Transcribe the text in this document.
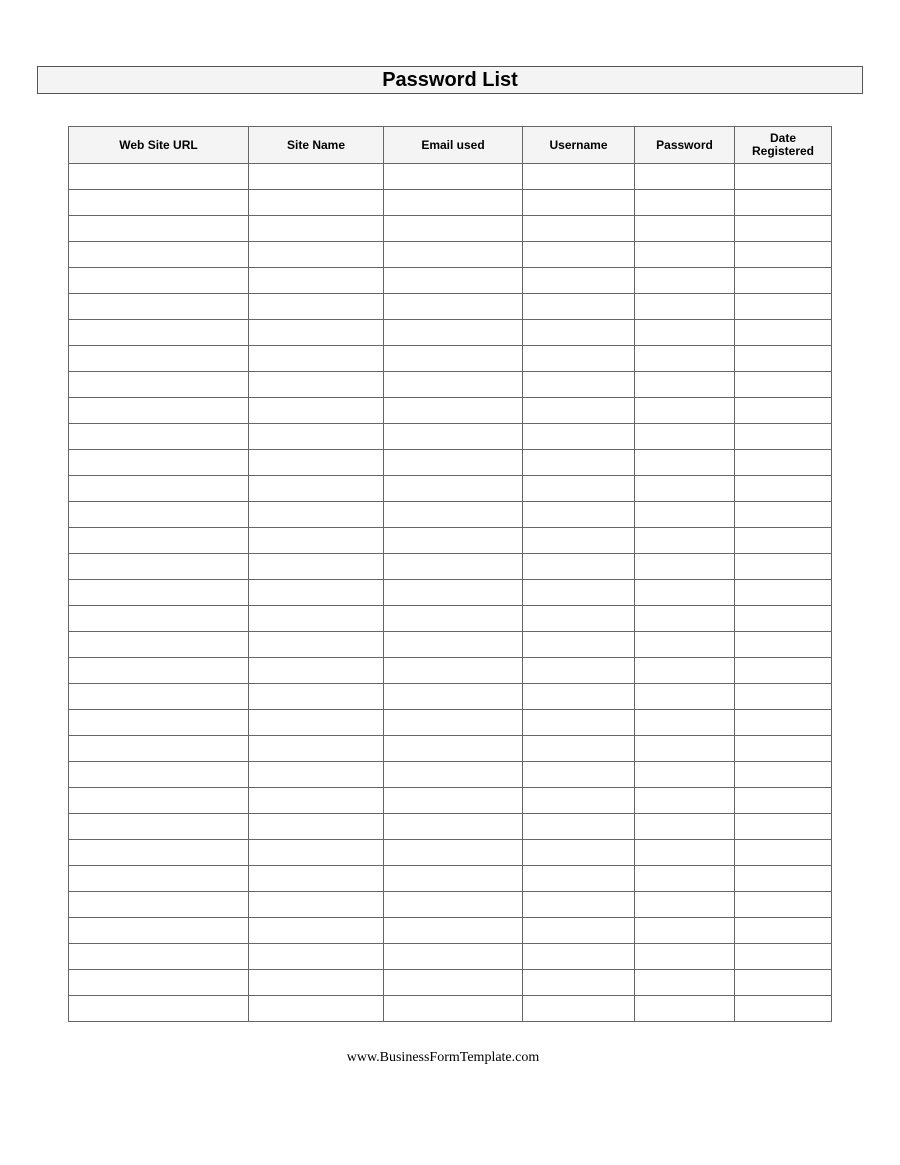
Password List
Web Site URL	Site Name	Email used	Username	Password	Date Registered

www.BusinessFormTemplate.com
